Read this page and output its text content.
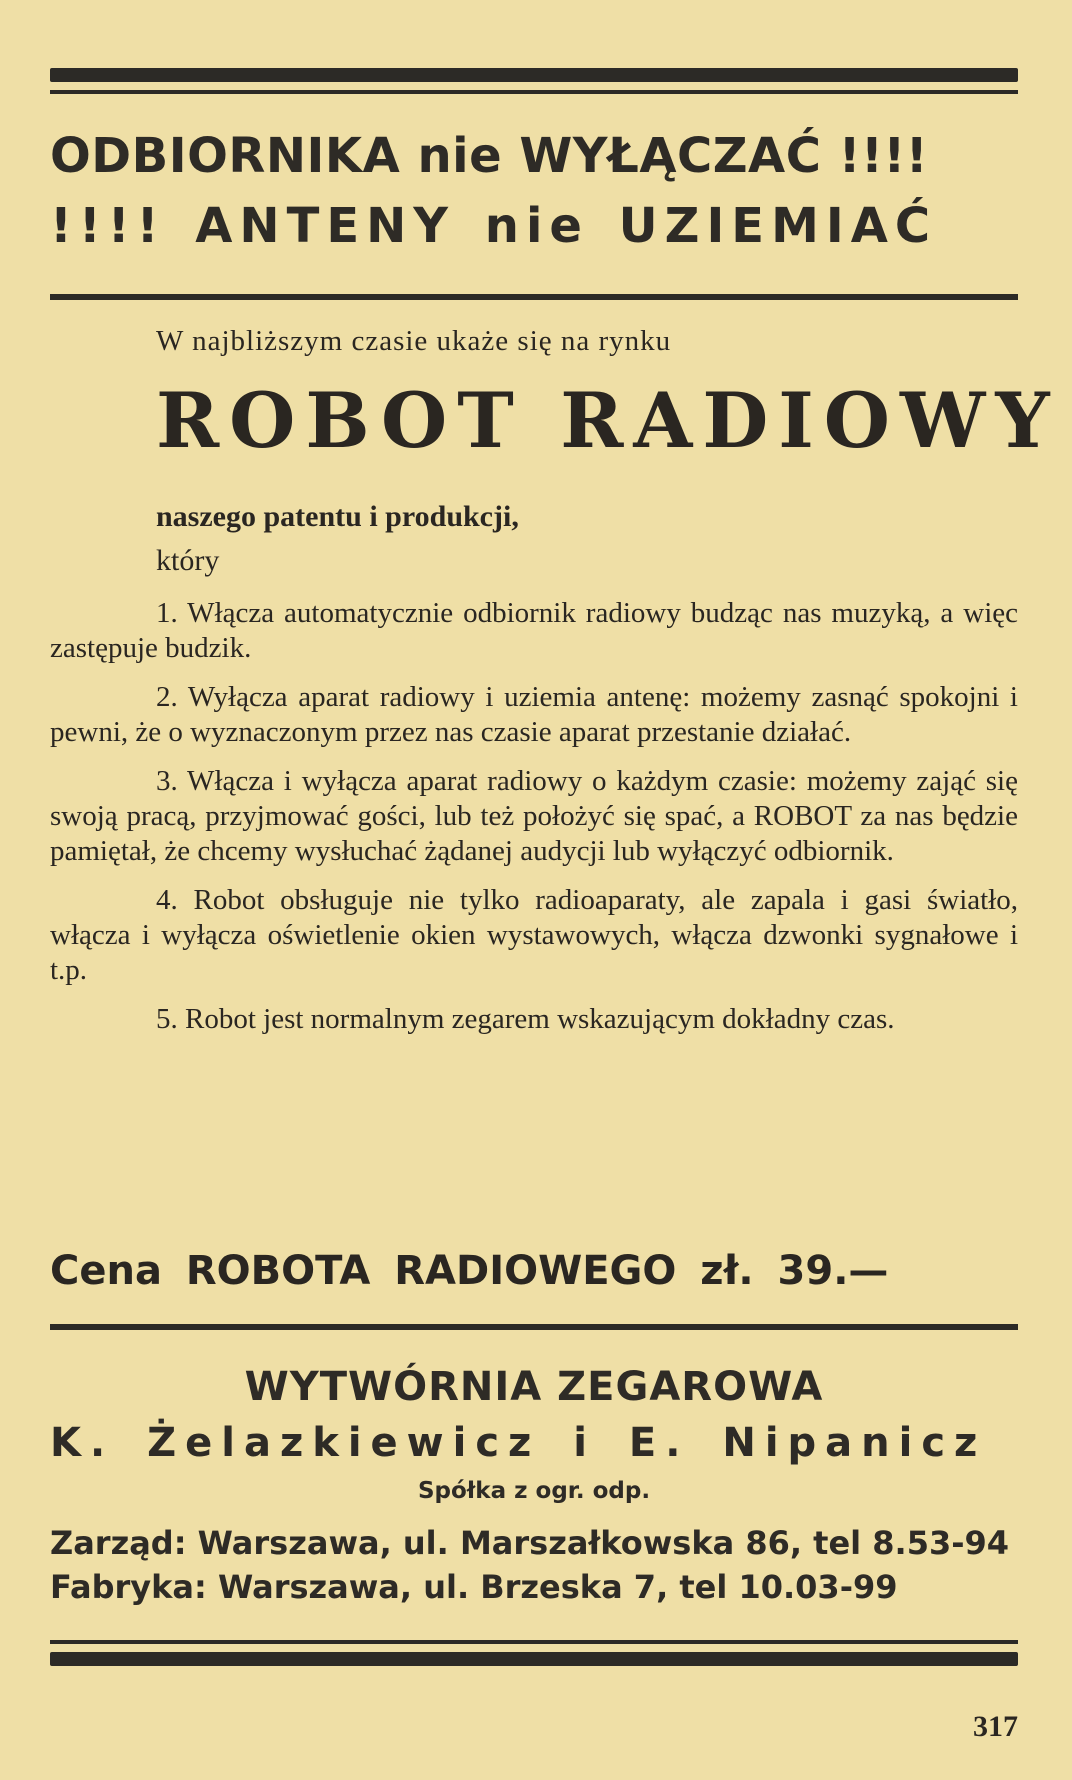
ODBIORNIKA nie WYŁĄCZAĆ !!!!
!!!! ANTENY nie UZIEMIAĆ
W najbliższym czasie ukaże się na rynku
ROBOT RADIOWY
naszego patentu i produkcji,
który

1. Włącza automatycznie odbiornik radiowy budząc nas muzyką, a więc zastępuje budzik.

2. Wyłącza aparat radiowy i uziemia antenę: możemy zasnąć spokojni i pewni, że o wyznaczonym przez nas czasie aparat przestanie działać.

3. Włącza i wyłącza aparat radiowy o każdym czasie: możemy zająć się swoją pracą, przyjmować gości, lub też położyć się spać, a ROBOT za nas będzie pamiętał, że chcemy wysłuchać żądanej audycji lub wyłączyć odbiornik.

4. Robot obsługuje nie tylko radioaparaty, ale zapala i gasi światło, włącza i wyłącza oświetlenie okien wystawowych, włącza dzwonki sygnałowe i t.p.

5. Robot jest normalnym zegarem wskazującym dokładny czas.

Cena ROBOTA RADIOWEGO zł. 39.—
WYTWÓRNIA ZEGAROWA
K. Żelazkiewicz i E. Nipanicz
Spółka z ogr. odp.
Zarząd: Warszawa, ul. Marszałkowska 86, tel 8.53-94
Fabryka: Warszawa, ul. Brzeska 7, tel 10.03-99
317
